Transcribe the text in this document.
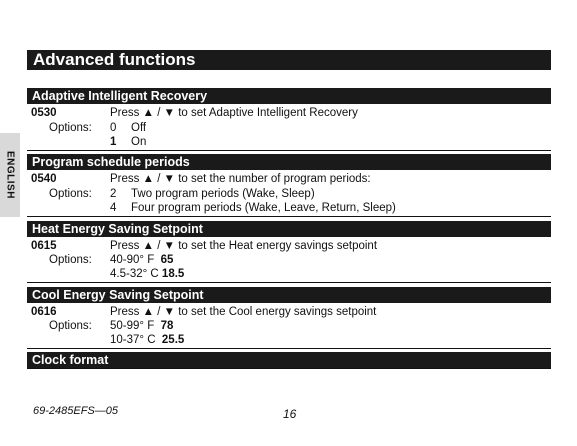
Advanced functions
ENGLISH
Adaptive Intelligent Recovery
0530	Press ▲ / ▼ to set Adaptive Intelligent Recovery
Options: 0 Off
1 On
Program schedule periods
0540	Press ▲ / ▼ to set the number of program periods:
Options: 2 Two program periods (Wake, Sleep)
4 Four program periods (Wake, Leave, Return, Sleep)
Heat Energy Saving Setpoint
0615	Press ▲ / ▼ to set the Heat energy savings setpoint
Options: 40-90° F 65
4.5-32° C 18.5
Cool Energy Saving Setpoint
0616	Press ▲ / ▼ to set the Cool energy savings setpoint
Options: 50-99° F 78
10-37° C 25.5
Clock format
69-2485EFS—05	16
